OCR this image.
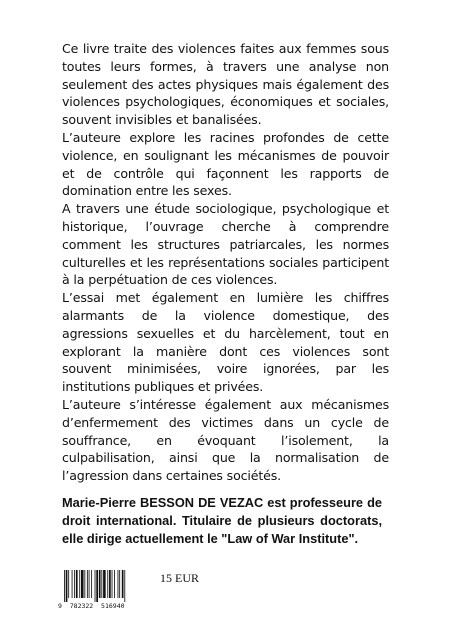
Ce livre traite des violences faites aux femmes sous toutes leurs formes, à travers une analyse non seulement des actes physiques mais également des violences psychologiques, économiques et sociales, souvent invisibles et banalisées.

L’auteure explore les racines profondes de cette violence, en soulignant les mécanismes de pouvoir et de contrôle qui façonnent les rapports de domination entre les sexes.

A travers une étude sociologique, psychologique et historique, l’ouvrage cherche à comprendre comment les structures patriarcales, les normes culturelles et les représentations sociales participent à la perpétuation de ces violences.

L’essai met également en lumière les chiffres alarmants de la violence domestique, des agressions sexuelles et du harcèlement, tout en explorant la manière dont ces violences sont souvent minimisées, voire ignorées, par les institutions publiques et privées.

L’auteure s’intéresse également aux mécanismes d’enfermement des victimes dans un cycle de souffrance, en évoquant l’isolement, la culpabilisation, ainsi que la normalisation de l’agression dans certaines sociétés.

Marie-Pierre BESSON DE VEZAC est professeure de droit international. Titulaire de plusieurs doctorats, elle dirige actuellement le "Law of War Institute".
9  782322  516940
15 EUR
